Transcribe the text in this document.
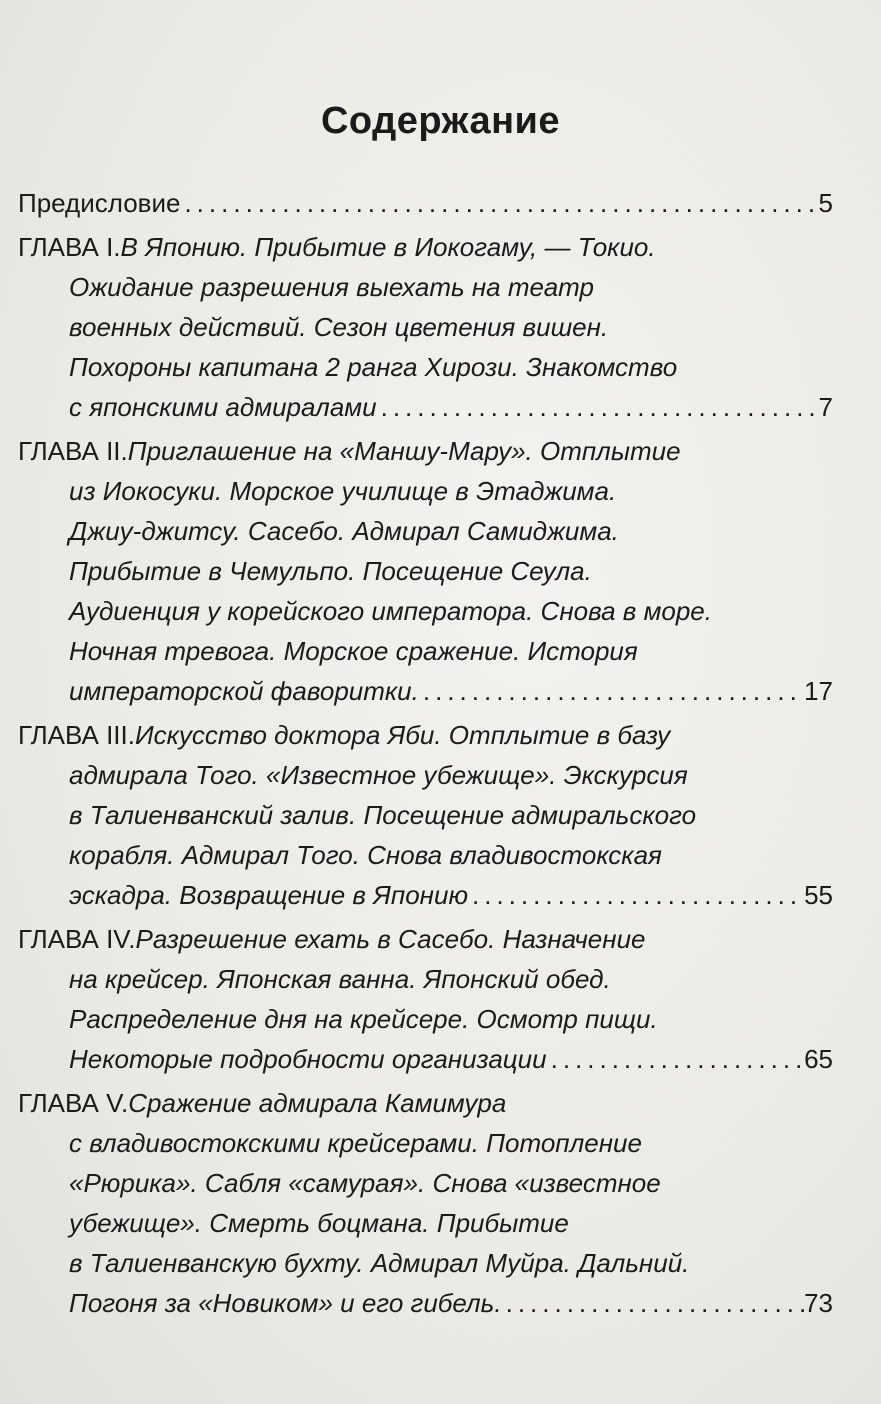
Содержание
Предисловие .....	5
ГЛАВА I. В Японию. Прибытие в Иокогаму, — Токио.
Ожидание разрешения выехать на театр
военных действий. Сезон цветения вишен.
Похороны капитана 2 ранга Хирози. Знакомство
с японскими адмиралами .....	7
ГЛАВА II. Приглашение на «Маншу-Мару». Отплытие
из Иокосуки. Морское училище в Этаджима.
Джиу-джитсу. Сасебо. Адмирал Самиджима.
Прибытие в Чемульпо. Посещение Сеула.
Аудиенция у корейского императора. Снова в море.
Ночная тревога. Морское сражение. История
императорской фаворитки. .....	17
ГЛАВА III. Искусство доктора Яби. Отплытие в базу
адмирала Того. «Известное убежище». Экскурсия
в Талиенванский залив. Посещение адмиральского
корабля. Адмирал Того. Снова владивостокская
эскадра. Возвращение в Японию .....	55
ГЛАВА IV. Разрешение ехать в Сасебо. Назначение
на крейсер. Японская ванна. Японский обед.
Распределение дня на крейсере. Осмотр пищи.
Некоторые подробности организации .....	65
ГЛАВА V. Сражение адмирала Камимура
с владивостокскими крейсерами. Потопление
«Рюрика». Сабля «самурая». Снова «известное
убежище». Смерть боцмана. Прибытие
в Талиенванскую бухту. Адмирал Муйра. Дальний.
Погоня за «Новиком» и его гибель. .....	73
